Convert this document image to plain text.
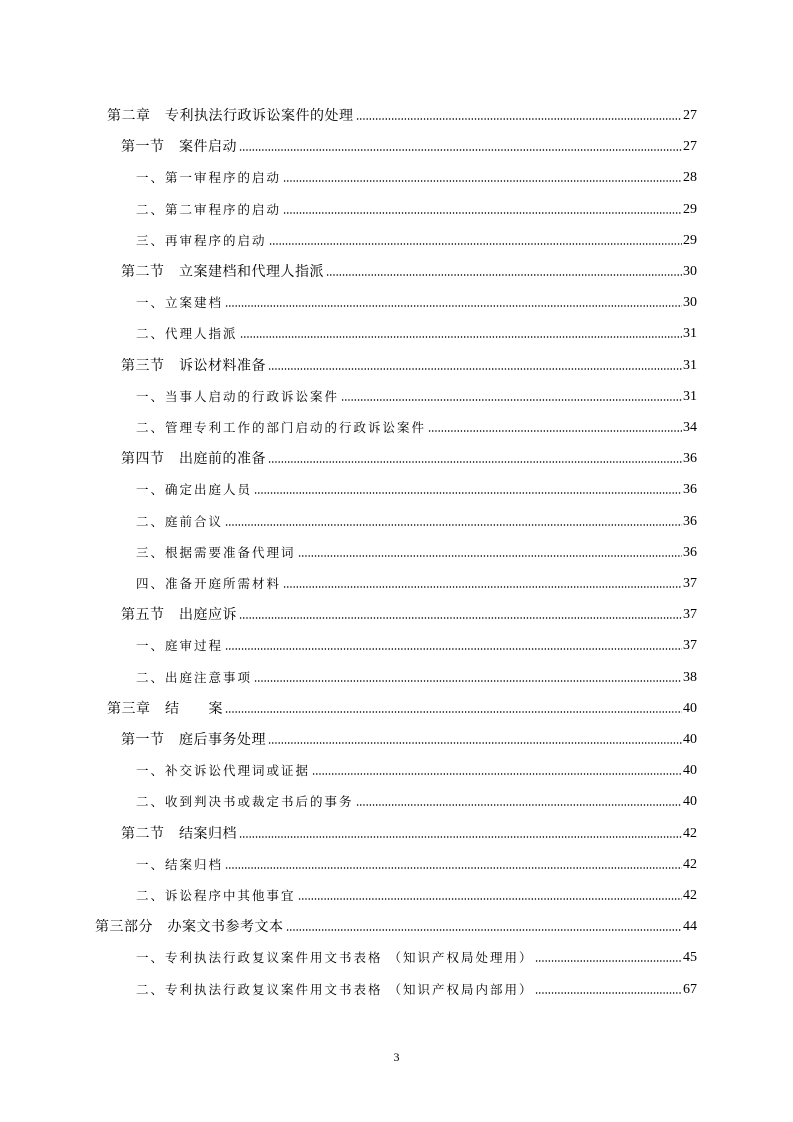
第二章　专利执法行政诉讼案件的处理	27
第一节　案件启动	27
一、第一审程序的启动	28
二、第二审程序的启动	29
三、再审程序的启动	29
第二节　立案建档和代理人指派	30
一、立案建档	30
二、代理人指派	31
第三节　诉讼材料准备	31
一、当事人启动的行政诉讼案件	31
二、管理专利工作的部门启动的行政诉讼案件	34
第四节　出庭前的准备	36
一、确定出庭人员	36
二、庭前合议	36
三、根据需要准备代理词	36
四、准备开庭所需材料	37
第五节　出庭应诉	37
一、庭审过程	37
二、出庭注意事项	38
第三章　结　　案	40
第一节　庭后事务处理	40
一、补交诉讼代理词或证据	40
二、收到判决书或裁定书后的事务	40
第二节　结案归档	42
一、结案归档	42
二、诉讼程序中其他事宜	42
第三部分　办案文书参考文本	44
一、专利执法行政复议案件用文书表格 （知识产权局处理用）	45
二、专利执法行政复议案件用文书表格 （知识产权局内部用）	67
3
